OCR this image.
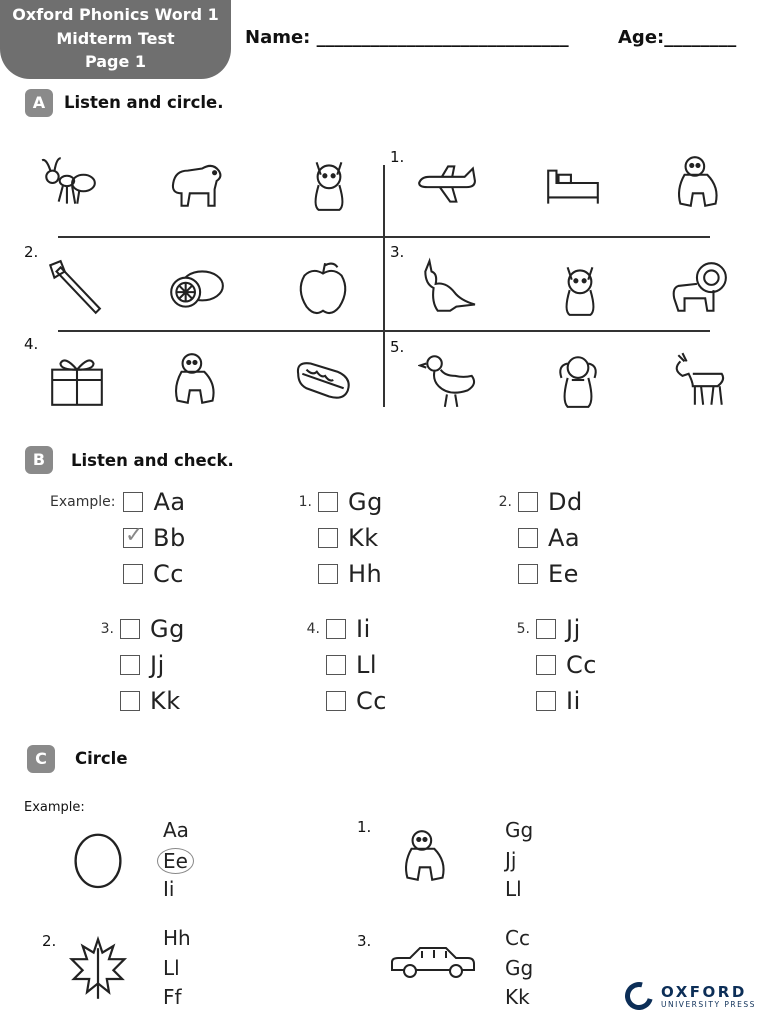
Oxford Phonics Word 1
Midterm Test
Page 1
Name: ____________________________	Age:________
A	Listen and circle.
1.
2.	3.
4.	5.
B	Listen and check.
Example: Aa
✓
Bb
Cc
1. Gg
Kk
Hh
2. Dd
Aa
Ee
3. Gg
Jj
Kk
4. Ii
Ll
Cc
5. Jj
Cc
Ii
C	Circle
Example:
Aa
Ee
Ii
1.	Gg
Jj
Ll
2.	Hh
Ll
Ff
3.	Cc
Gg
Kk	OXFORD
UNIVERSITY PRESS
